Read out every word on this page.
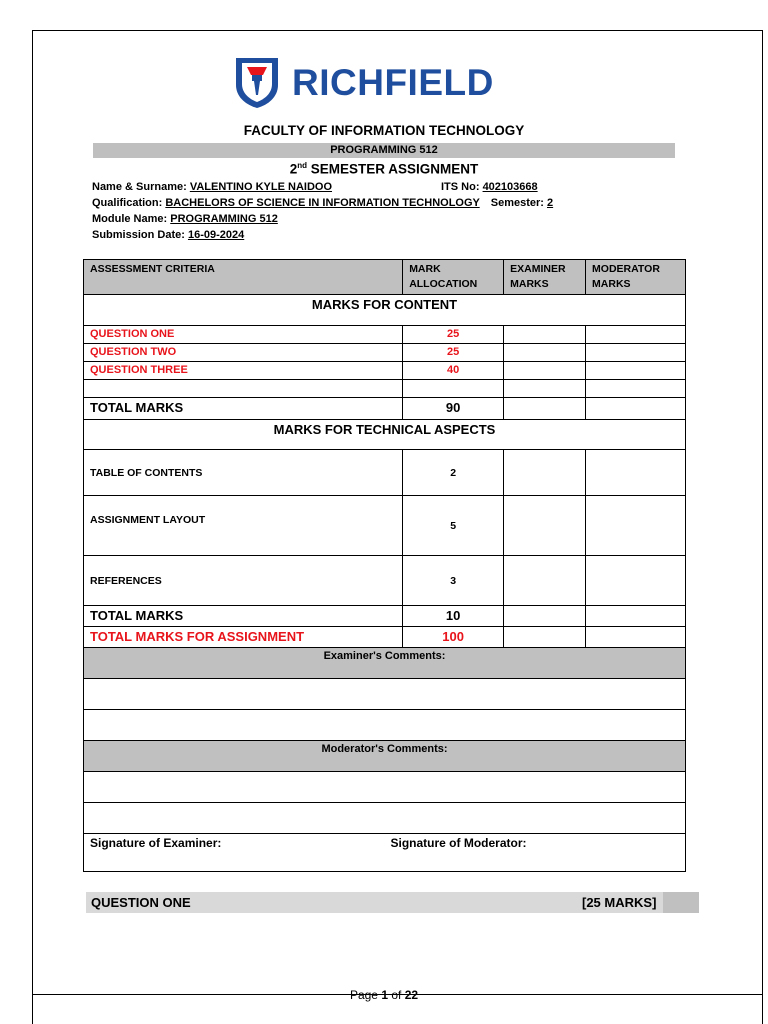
RICHFIELD
FACULTY OF INFORMATION TECHNOLOGY
PROGRAMMING 512
2nd SEMESTER ASSIGNMENT
Name & Surname: VALENTINO KYLE NAIDOO	ITS No: 402103668
Qualification: BACHELORS OF SCIENCE IN INFORMATION TECHNOLOGY Semester: 2
Module Name: PROGRAMMING 512
Submission Date: 16-09-2024
ASSESSMENT CRITERIA	MARK ALLOCATION	EXAMINER MARKS	MODERATOR MARKS
MARKS FOR CONTENT			
QUESTION ONE	25		
QUESTION TWO	25		
QUESTION THREE	40		

TOTAL MARKS	90		
MARKS FOR TECHNICAL ASPECTS			
TABLE OF CONTENTS	2		
ASSIGNMENT LAYOUT	5		
REFERENCES	3		
TOTAL MARKS	10		
TOTAL MARKS FOR ASSIGNMENT	100		
Examiner's Comments:			

Moderator's Comments:			

Signature of Examiner: Signature of Moderator:			
QUESTION ONE	[25 MARKS]
Page 1 of 22
